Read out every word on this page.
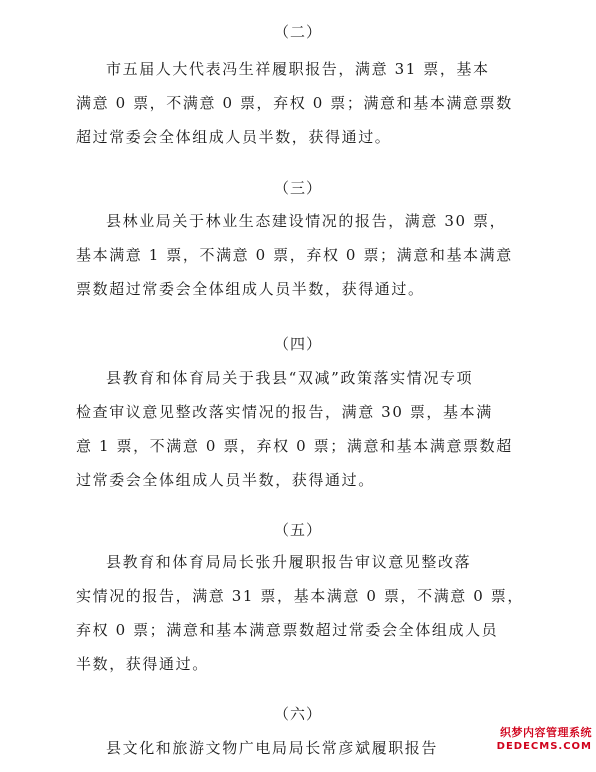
（二）
市五届人大代表冯生祥履职报告，满意 31 票，基本
满意 0 票，不满意 0 票，弃权 0 票；满意和基本满意票数
超过常委会全体组成人员半数，获得通过。
（三）
县林业局关于林业生态建设情况的报告，满意 30 票，
基本满意 1 票，不满意 0 票，弃权 0 票；满意和基本满意
票数超过常委会全体组成人员半数，获得通过。
（四）
县教育和体育局关于我县“双减”政策落实情况专项
检查审议意见整改落实情况的报告，满意 30 票，基本满
意 1 票，不满意 0 票，弃权 0 票；满意和基本满意票数超
过常委会全体组成人员半数，获得通过。
（五）
县教育和体育局局长张升履职报告审议意见整改落
实情况的报告，满意 31 票，基本满意 0 票，不满意 0 票，
弃权 0 票；满意和基本满意票数超过常委会全体组成人员
半数，获得通过。
（六）
县文化和旅游文物广电局局长常彦斌履职报告
织梦内容管理系统
DEDECMS.COM
